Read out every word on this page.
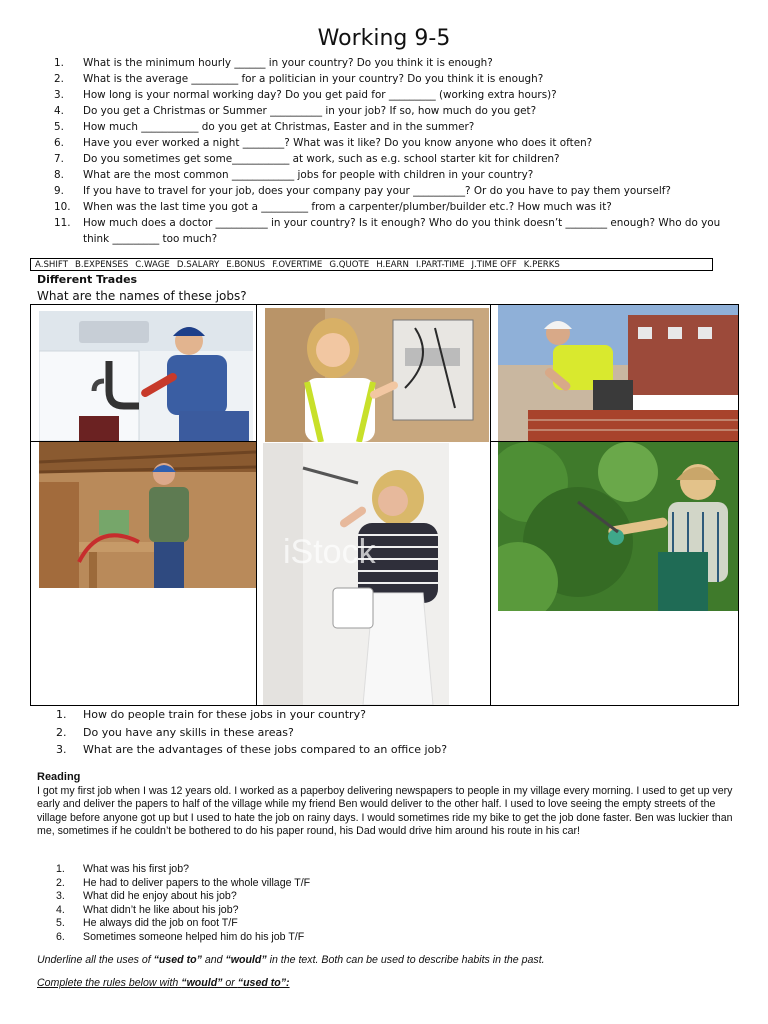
Working 9-5
1.	What is the minimum hourly ______ in your country? Do you think it is enough?
2.	What is the average _________ for a politician in your country? Do you think it is enough?
3.	How long is your normal working day? Do you get paid for _________ (working extra hours)?
4.	Do you get a Christmas or Summer __________ in your job? If so, how much do you get?
5.	How much ___________ do you get at Christmas, Easter and in the summer?
6.	Have you ever worked a night ________? What was it like? Do you know anyone who does it often?
7.	Do you sometimes get some___________ at work, such as e.g. school starter kit for children?
8.	What are the most common ____________ jobs for people with children in your country?
9.	If you have to travel for your job, does your company pay your __________? Or do you have to pay them yourself?
10.	When was the last time you got a _________ from a carpenter/plumber/builder etc.? How much was it?
11.	How much does a doctor __________ in your country? Is it enough? Who do you think doesn’t ________ enough? Who do you think _________ too much?
A.SHIFT B.EXPENSES C.WAGE D.SALARY E.BONUS F.OVERTIME G.QUOTE H.EARN I.PART-TIME J.TIME OFF K.PERKS
Different Trades
What are the names of these jobs?
iStock
1.	How do people train for these jobs in your country?
2.	Do you have any skills in these areas?
3.	What are the advantages of these jobs compared to an office job?
Reading

I got my first job when I was 12 years old. I worked as a paperboy delivering newspapers to people in my village every morning. I used to get up very early and deliver the papers to half of the village while my friend Ben would deliver to the other half. I used to love seeing the empty streets of the village before anyone got up but I used to hate the job on rainy days. I would sometimes ride my bike to get the job done faster. Ben was luckier than me, sometimes if he couldn’t be bothered to do his paper round, his Dad would drive him around his route in his car!

1.	What was his first job?
2.	He had to deliver papers to the whole village T/F
3.	What did he enjoy about his job?
4.	What didn’t he like about his job?
5.	He always did the job on foot T/F
6.	Sometimes someone helped him do his job T/F
Underline all the uses of “used to” and “would” in the text. Both can be used to describe habits in the past.
Complete the rules below with “would” or “used to”:
